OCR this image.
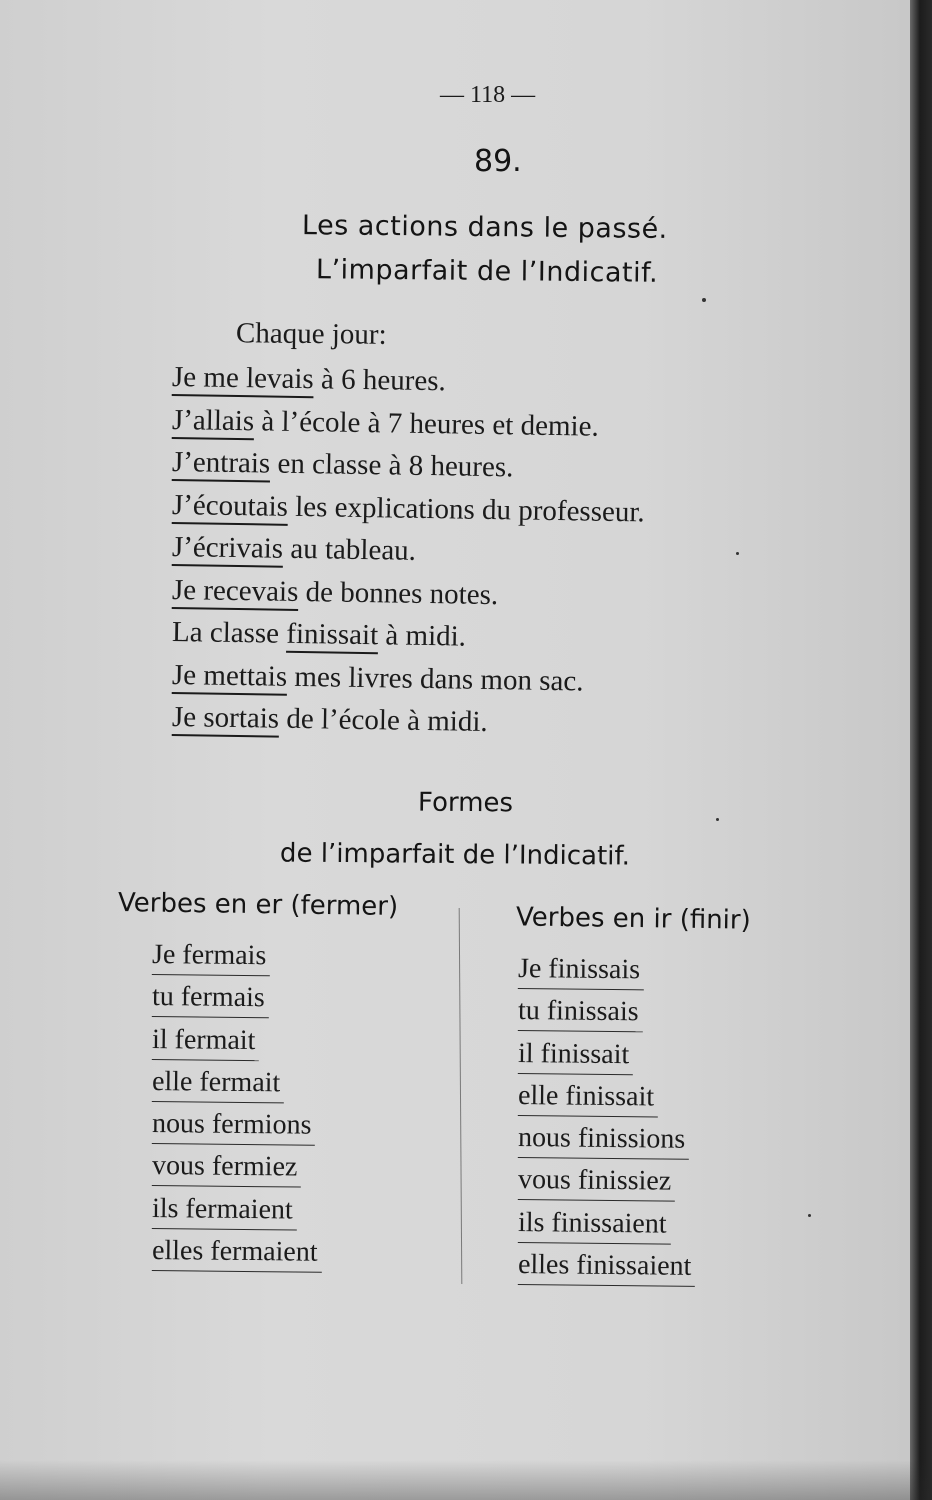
— 118 —
89.
Les actions dans le passé.
L’imparfait de l’Indicatif.
Chaque jour:
Je me levais à 6 heures.
J’allais à l’école à 7 heures et demie.
J’entrais en classe à 8 heures.
J’écoutais les explications du professeur.
J’écrivais au tableau.
Je recevais de bonnes notes.
La classe finissait à midi.
Je mettais mes livres dans mon sac.
Je sortais de l’école à midi.
Formes
de l’imparfait de l’Indicatif.
Verbes en er (fermer)	Verbes en ir (finir)
Je fermais
tu fermais
il fermait
elle fermait
nous fermions
vous fermiez
ils fermaient
elles fermaient
Je finissais
tu finissais
il finissait
elle finissait
nous finissions
vous finissiez
ils finissaient
elles finissaient
